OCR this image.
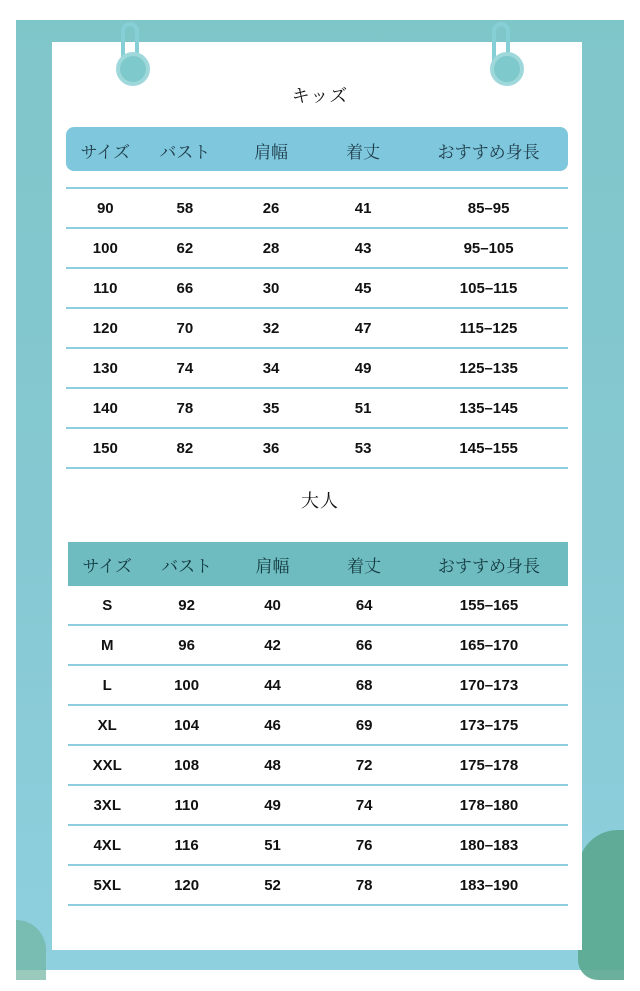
キッズ
サイズ	バスト	肩幅	着丈	おすすめ身長

90	58	26	41	85–95
100	62	28	43	95–105
110	66	30	45	105–115
120	70	32	47	115–125
130	74	34	49	125–135
140	78	35	51	135–145
150	82	36	53	145–155
大人
サイズ	バスト	肩幅	着丈	おすすめ身長
S	92	40	64	155–165
M	96	42	66	165–170
L	100	44	68	170–173
XL	104	46	69	173–175
XXL	108	48	72	175–178
3XL	110	49	74	178–180
4XL	116	51	76	180–183
5XL	120	52	78	183–190
